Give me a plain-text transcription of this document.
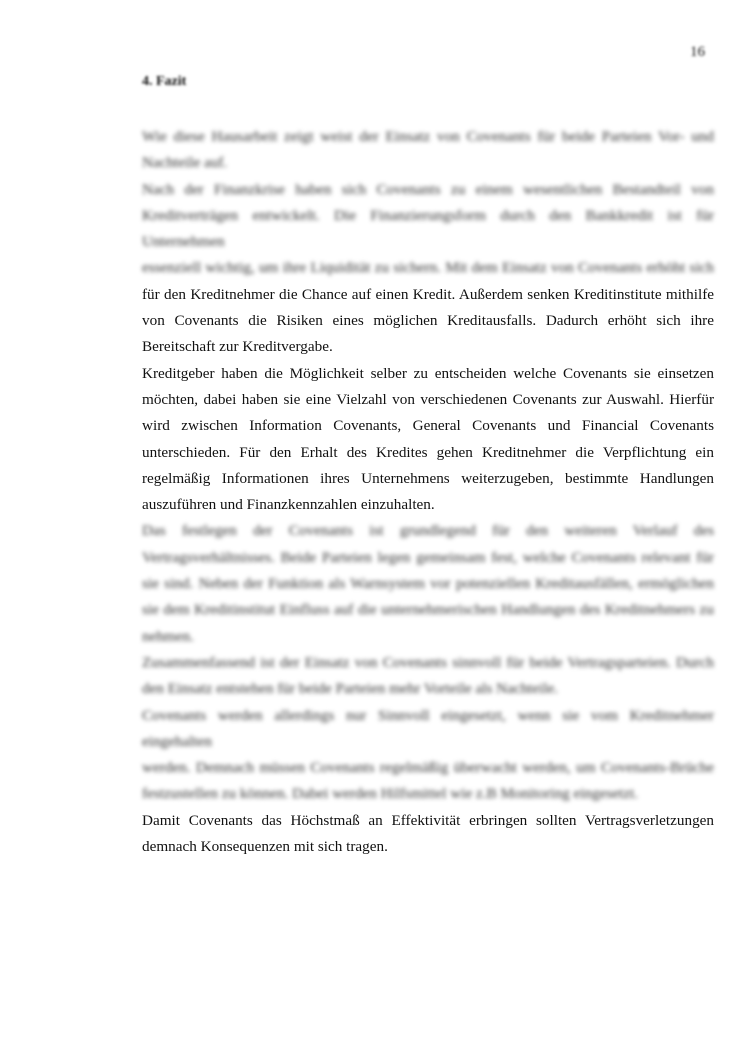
16
4. Fazit

Wie diese Hausarbeit zeigt weist der Einsatz von Covenants für beide Parteien Vor- und
Nachteile auf.

Nach der Finanzkrise haben sich Covenants zu einem wesentlichen Bestandteil von
Kreditverträgen entwickelt. Die Finanzierungsform durch den Bankkredit ist für Unternehmen
essenziell wichtig, um ihre Liquidität zu sichern. Mit dem Einsatz von Covenants erhöht sich
für den Kreditnehmer die Chance auf einen Kredit. Außerdem senken Kreditinstitute mithilfe
von Covenants die Risiken eines möglichen Kreditausfalls. Dadurch erhöht sich ihre
Bereitschaft zur Kreditvergabe.

Kreditgeber haben die Möglichkeit selber zu entscheiden welche Covenants sie einsetzen
möchten, dabei haben sie eine Vielzahl von verschiedenen Covenants zur Auswahl. Hierfür
wird zwischen Information Covenants, General Covenants und Financial Covenants
unterschieden. Für den Erhalt des Kredites gehen Kreditnehmer die Verpflichtung ein
regelmäßig Informationen ihres Unternehmens weiterzugeben, bestimmte Handlungen
auszuführen und Finanzkennzahlen einzuhalten.

Das festlegen der Covenants ist grundlegend für den weiteren Verlauf des
Vertragsverhältnisses. Beide Parteien legen gemeinsam fest, welche Covenants relevant für
sie sind. Neben der Funktion als Warnsystem vor potenziellen Kreditausfällen, ermöglichen
sie dem Kreditinstitut Einfluss auf die unternehmerischen Handlungen des Kreditnehmers zu
nehmen.

Zusammenfassend ist der Einsatz von Covenants sinnvoll für beide Vertragsparteien. Durch
den Einsatz entstehen für beide Parteien mehr Vorteile als Nachteile.

Covenants werden allerdings nur Sinnvoll eingesetzt, wenn sie vom Kreditnehmer eingehalten
werden. Demnach müssen Covenants regelmäßig überwacht werden, um Covenants-Brüche
festzustellen zu können. Dabei werden Hilfsmittel wie z.B Monitoring eingesetzt.

Damit Covenants das Höchstmaß an Effektivität erbringen sollten Vertragsverletzungen
demnach Konsequenzen mit sich tragen.
